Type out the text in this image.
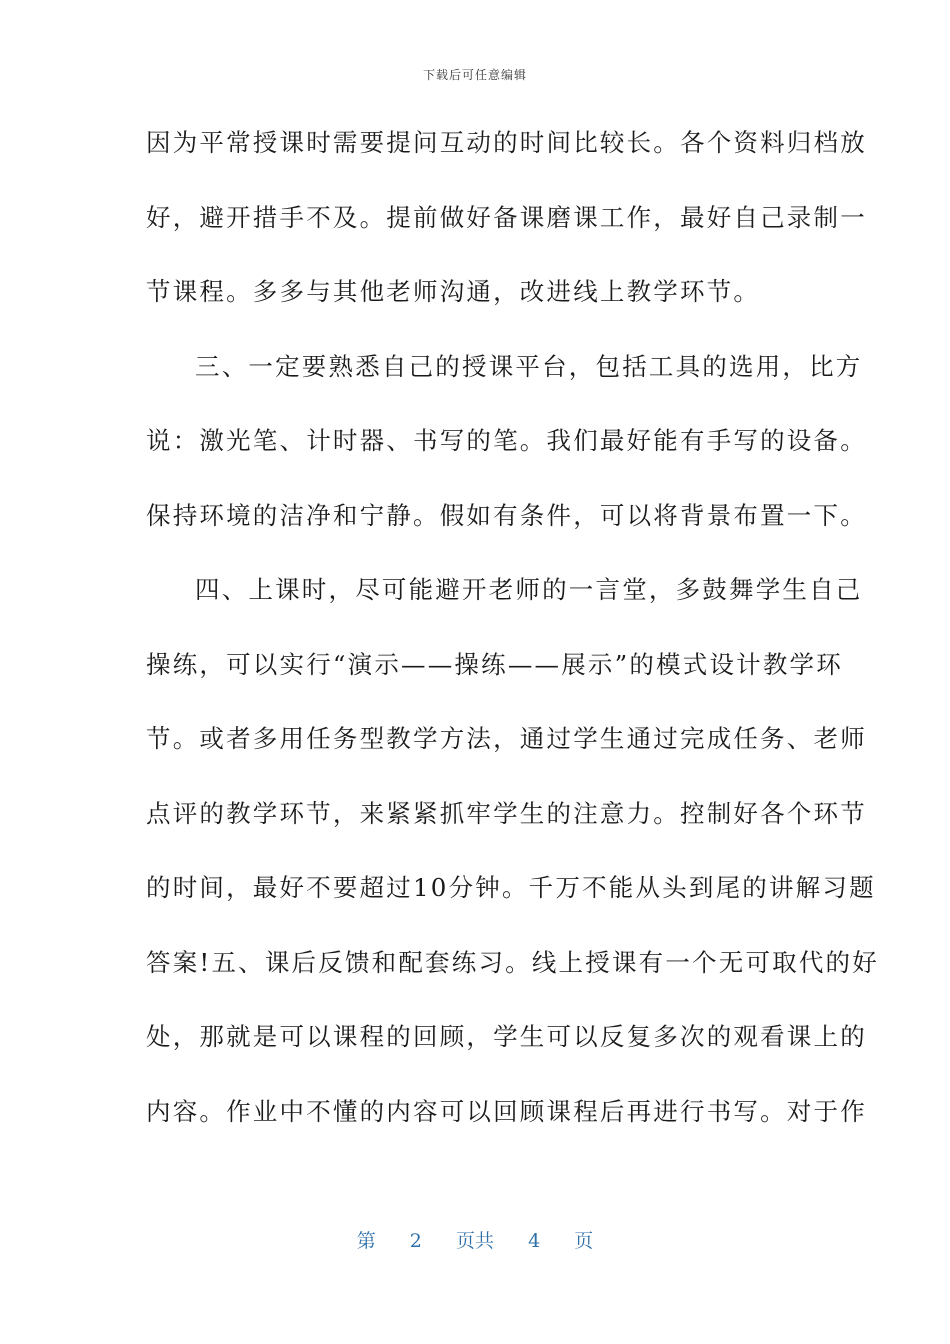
下载后可任意编辑
因为平常授课时需要提问互动的时间比较长。各个资料归档放
好，避开措手不及。提前做好备课磨课工作，最好自己录制一
节课程。多多与其他老师沟通，改进线上教学环节。
三、一定要熟悉自己的授课平台，包括工具的选用，比方
说：激光笔、计时器、书写的笔。我们最好能有手写的设备。
保持环境的洁净和宁静。假如有条件，可以将背景布置一下。
四、上课时，尽可能避开老师的一言堂，多鼓舞学生自己
操练，可以实行“演示——操练——展示”的模式设计教学环
节。或者多用任务型教学方法，通过学生通过完成任务、老师
点评的教学环节，来紧紧抓牢学生的注意力。控制好各个环节
的时间，最好不要超过10分钟。千万不能从头到尾的讲解习题
答案!五、课后反馈和配套练习。线上授课有一个无可取代的好
处，那就是可以课程的回顾，学生可以反复多次的观看课上的
内容。作业中不懂的内容可以回顾课程后再进行书写。对于作
第 2 页共 4 页
